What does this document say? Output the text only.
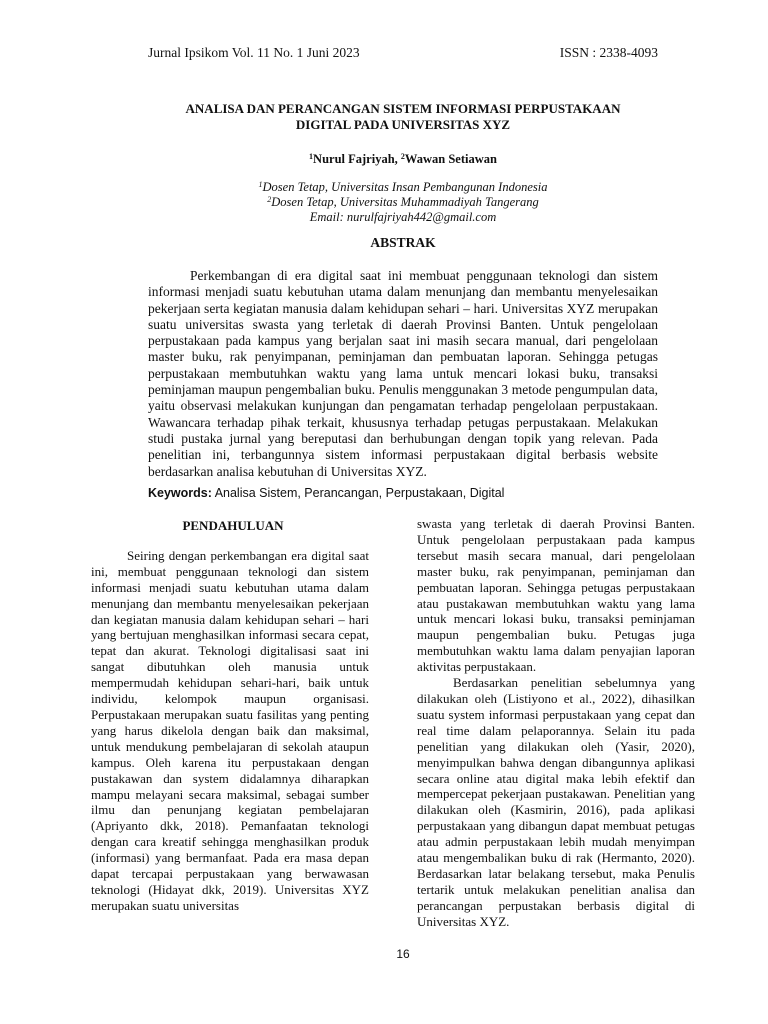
Jurnal Ipsikom Vol. 11 No. 1 Juni 2023	ISSN : 2338-4093
ANALISA DAN PERANCANGAN SISTEM INFORMASI PERPUSTAKAAN
DIGITAL PADA UNIVERSITAS XYZ
$^1$Nurul Fajriyah, $^2$Wawan Setiawan
$^1$Dosen Tetap, Universitas Insan Pembangunan Indonesia
$^2$Dosen Tetap, Universitas Muhammadiyah Tangerang
Email: nurulfajriyah442@gmail.com
ABSTRAK

Perkembangan di era digital saat ini membuat penggunaan teknologi dan sistem informasi menjadi suatu kebutuhan utama dalam menunjang dan membantu menyelesaikan pekerjaan serta kegiatan manusia dalam kehidupan sehari – hari. Universitas XYZ merupakan suatu universitas swasta yang terletak di daerah Provinsi Banten. Untuk pengelolaan perpustakaan pada kampus yang berjalan saat ini masih secara manual, dari pengelolaan master buku, rak penyimpanan, peminjaman dan pembuatan laporan. Sehingga petugas perpustakaan membutuhkan waktu yang lama untuk mencari lokasi buku, transaksi peminjaman maupun pengembalian buku. Penulis menggunakan 3 metode pengumpulan data, yaitu observasi melakukan kunjungan dan pengamatan terhadap pengelolaan perpustakaan. Wawancara terhadap pihak terkait, khususnya terhadap petugas perpustakaan. Melakukan studi pustaka jurnal yang bereputasi dan berhubungan dengan topik yang relevan. Pada penelitian ini, terbangunnya sistem informasi perpustakaan digital berbasis website berdasarkan analisa kebutuhan di Universitas XYZ.

Keywords: Analisa Sistem, Perancangan, Perpustakaan, Digital
PENDAHULUAN

Seiring dengan perkembangan era digital saat ini, membuat penggunaan teknologi dan sistem informasi menjadi suatu kebutuhan utama dalam menunjang dan membantu menyelesaikan pekerjaan dan kegiatan manusia dalam kehidupan sehari – hari yang bertujuan menghasilkan informasi secara cepat, tepat dan akurat. Teknologi digitalisasi saat ini sangat dibutuhkan oleh manusia untuk mempermudah kehidupan sehari-hari, baik untuk individu, kelompok maupun organisasi. Perpustakaan merupakan suatu fasilitas yang penting yang harus dikelola dengan baik dan maksimal, untuk mendukung pembelajaran di sekolah ataupun kampus. Oleh karena itu perpustakaan dengan pustakawan dan system didalamnya diharapkan mampu melayani secara maksimal, sebagai sumber ilmu dan penunjang kegiatan pembelajaran (Apriyanto dkk, 2018). Pemanfaatan teknologi dengan cara kreatif sehingga menghasilkan produk (informasi) yang bermanfaat. Pada era masa depan dapat tercapai perpustakaan yang berwawasan teknologi (Hidayat dkk, 2019). Universitas XYZ merupakan suatu universitas

swasta yang terletak di daerah Provinsi Banten. Untuk pengelolaan perpustakaan pada kampus tersebut masih secara manual, dari pengelolaan master buku, rak penyimpanan, peminjaman dan pembuatan laporan. Sehingga petugas perpustakaan atau pustakawan membutuhkan waktu yang lama untuk mencari lokasi buku, transaksi peminjaman maupun pengembalian buku. Petugas juga membutuhkan waktu lama dalam penyajian laporan aktivitas perpustakaan.

Berdasarkan penelitian sebelumnya yang dilakukan oleh (Listiyono et al., 2022), dihasilkan suatu system informasi perpustakaan yang cepat dan real time dalam pelaporannya. Selain itu pada penelitian yang dilakukan oleh (Yasir, 2020), menyimpulkan bahwa dengan dibangunnya aplikasi secara online atau digital maka lebih efektif dan mempercepat pekerjaan pustakawan. Penelitian yang dilakukan oleh (Kasmirin, 2016), pada aplikasi perpustakaan yang dibangun dapat membuat petugas atau admin perpustakaan lebih mudah menyimpan atau mengembalikan buku di rak (Hermanto, 2020). Berdasarkan latar belakang tersebut, maka Penulis tertarik untuk melakukan penelitian analisa dan perancangan perpustakan berbasis digital di Universitas XYZ.

16
